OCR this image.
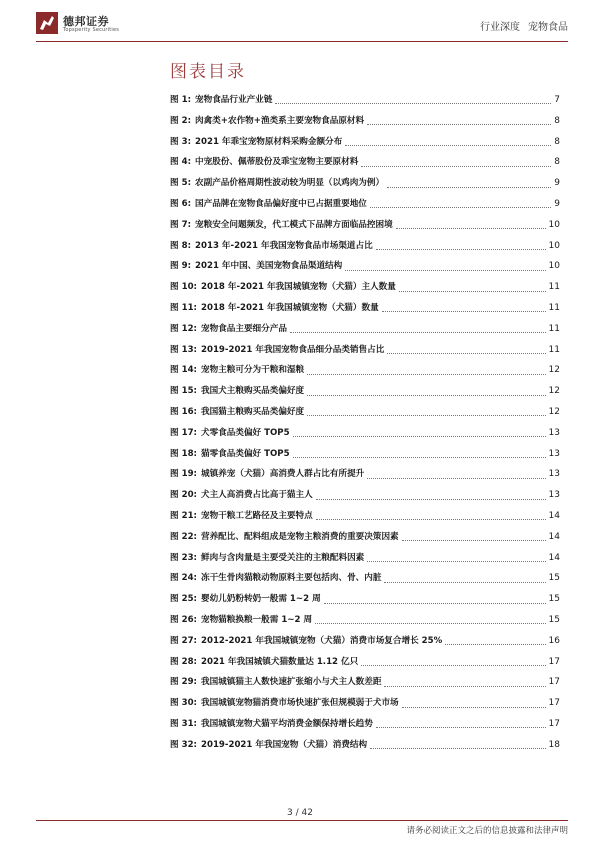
德邦证券
Topsperity Securities	行业深度 宠物食品
图表目录
图 1: 宠物食品行业产业链	7
图 2: 肉禽类+农作物+渔类系主要宠物食品原材料	8
图 3: 2021 年乖宝宠物原材料采购金额分布	8
图 4: 中宠股份、佩蒂股份及乖宝宠物主要原材料	8
图 5: 农副产品价格周期性波动较为明显（以鸡肉为例）	9
图 6: 国产品牌在宠物食品偏好度中已占据重要地位	9
图 7: 宠粮安全问题频发，代工模式下品牌方面临品控困境	10
图 8: 2013 年-2021 年我国宠物食品市场渠道占比	10
图 9: 2021 年中国、美国宠物食品渠道结构	10
图 10: 2018 年-2021 年我国城镇宠物（犬猫）主人数量	11
图 11: 2018 年-2021 年我国城镇宠物（犬猫）数量	11
图 12: 宠物食品主要细分产品	11
图 13: 2019-2021 年我国宠物食品细分品类销售占比	11
图 14: 宠物主粮可分为干粮和湿粮	12
图 15: 我国犬主粮购买品类偏好度	12
图 16: 我国猫主粮购买品类偏好度	12
图 17: 犬零食品类偏好 TOP5	13
图 18: 猫零食品类偏好 TOP5	13
图 19: 城镇养宠（犬猫）高消费人群占比有所提升	13
图 20: 犬主人高消费占比高于猫主人	13
图 21: 宠物干粮工艺路径及主要特点	14
图 22: 营养配比、配料组成是宠物主粮消费的重要决策因素	14
图 23: 鲜肉与含肉量是主要受关注的主粮配料因素	14
图 24: 冻干生骨肉猫粮动物原料主要包括肉、骨、内脏	15
图 25: 婴幼儿奶粉转奶一般需 1~2 周	15
图 26: 宠物猫粮换粮一般需 1~2 周	15
图 27: 2012-2021 年我国城镇宠物（犬猫）消费市场复合增长 25%	16
图 28: 2021 年我国城镇犬猫数量达 1.12 亿只	17
图 29: 我国城镇猫主人数快速扩张缩小与犬主人数差距	17
图 30: 我国城镇宠物猫消费市场快速扩张但规模弱于犬市场	17
图 31: 我国城镇宠物犬猫平均消费金额保持增长趋势	17
图 32: 2019-2021 年我国宠物（犬猫）消费结构	18
3 / 42
请务必阅读正文之后的信息披露和法律声明
